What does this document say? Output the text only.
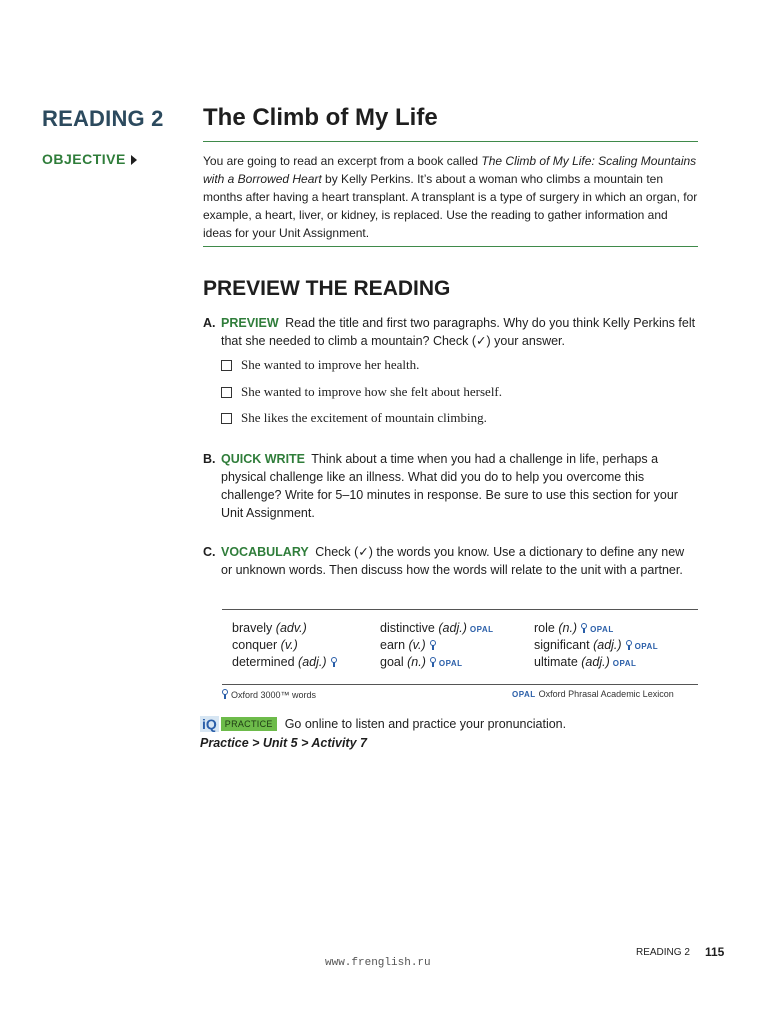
READING 2
OBJECTIVE
The Climb of My Life
You are going to read an excerpt from a book called The Climb of My Life: Scaling Mountains with a Borrowed Heart by Kelly Perkins. It’s about a woman who climbs a mountain ten months after having a heart transplant. A transplant is a type of surgery in which an organ, for example, a heart, liver, or kidney, is replaced. Use the reading to gather information and ideas for your Unit Assignment.
PREVIEW THE READING
A. PREVIEW Read the title and first two paragraphs. Why do you think Kelly Perkins felt that she needed to climb a mountain? Check (✓) your answer.
She wanted to improve her health.
She wanted to improve how she felt about herself.
She likes the excitement of mountain climbing.
B. QUICK WRITE Think about a time when you had a challenge in life, perhaps a physical challenge like an illness. What did you do to help you overcome this challenge? Write for 5–10 minutes in response. Be sure to use this section for your Unit Assignment.
C. VOCABULARY Check (✓) the words you know. Use a dictionary to define any new or unknown words. Then discuss how the words will relate to the unit with a partner.
bravely (adv.)	distinctive (adj.) OPAL	role (n.) OPAL
conquer (v.)	earn (v.)	significant (adj.) OPAL
determined (adj.)	goal (n.) OPAL	ultimate (adj.) OPAL
Oxford 3000™ words	OPAL Oxford Phrasal Academic Lexicon
iQ PRACTICE Go online to listen and practice your pronunciation.
Practice > Unit 5 > Activity 7
READING 2 115
www.frenglish.ru
